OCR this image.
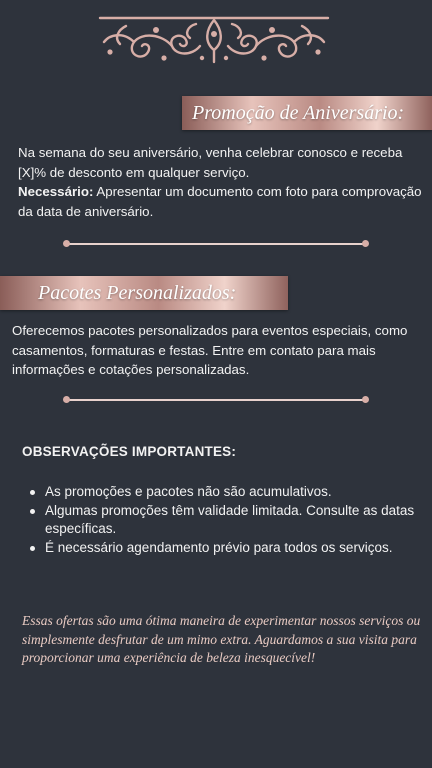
Promoção de Aniversário:

Na semana do seu aniversário, venha celebrar conosco e receba [X]% de desconto em qualquer serviço.
Necessário: Apresentar um documento com foto para comprovação da data de aniversário.

Pacotes Personalizados:

Oferecemos pacotes personalizados para eventos especiais, como casamentos, formaturas e festas. Entre em contato para mais informações e cotações personalizadas.

OBSERVAÇÕES IMPORTANTES:
As promoções e pacotes não são acumulativos.
Algumas promoções têm validade limitada. Consulte as datas específicas.
É necessário agendamento prévio para todos os serviços.

Essas ofertas são uma ótima maneira de experimentar nossos serviços ou simplesmente desfrutar de um mimo extra. Aguardamos a sua visita para proporcionar uma experiência de beleza inesquecível!
